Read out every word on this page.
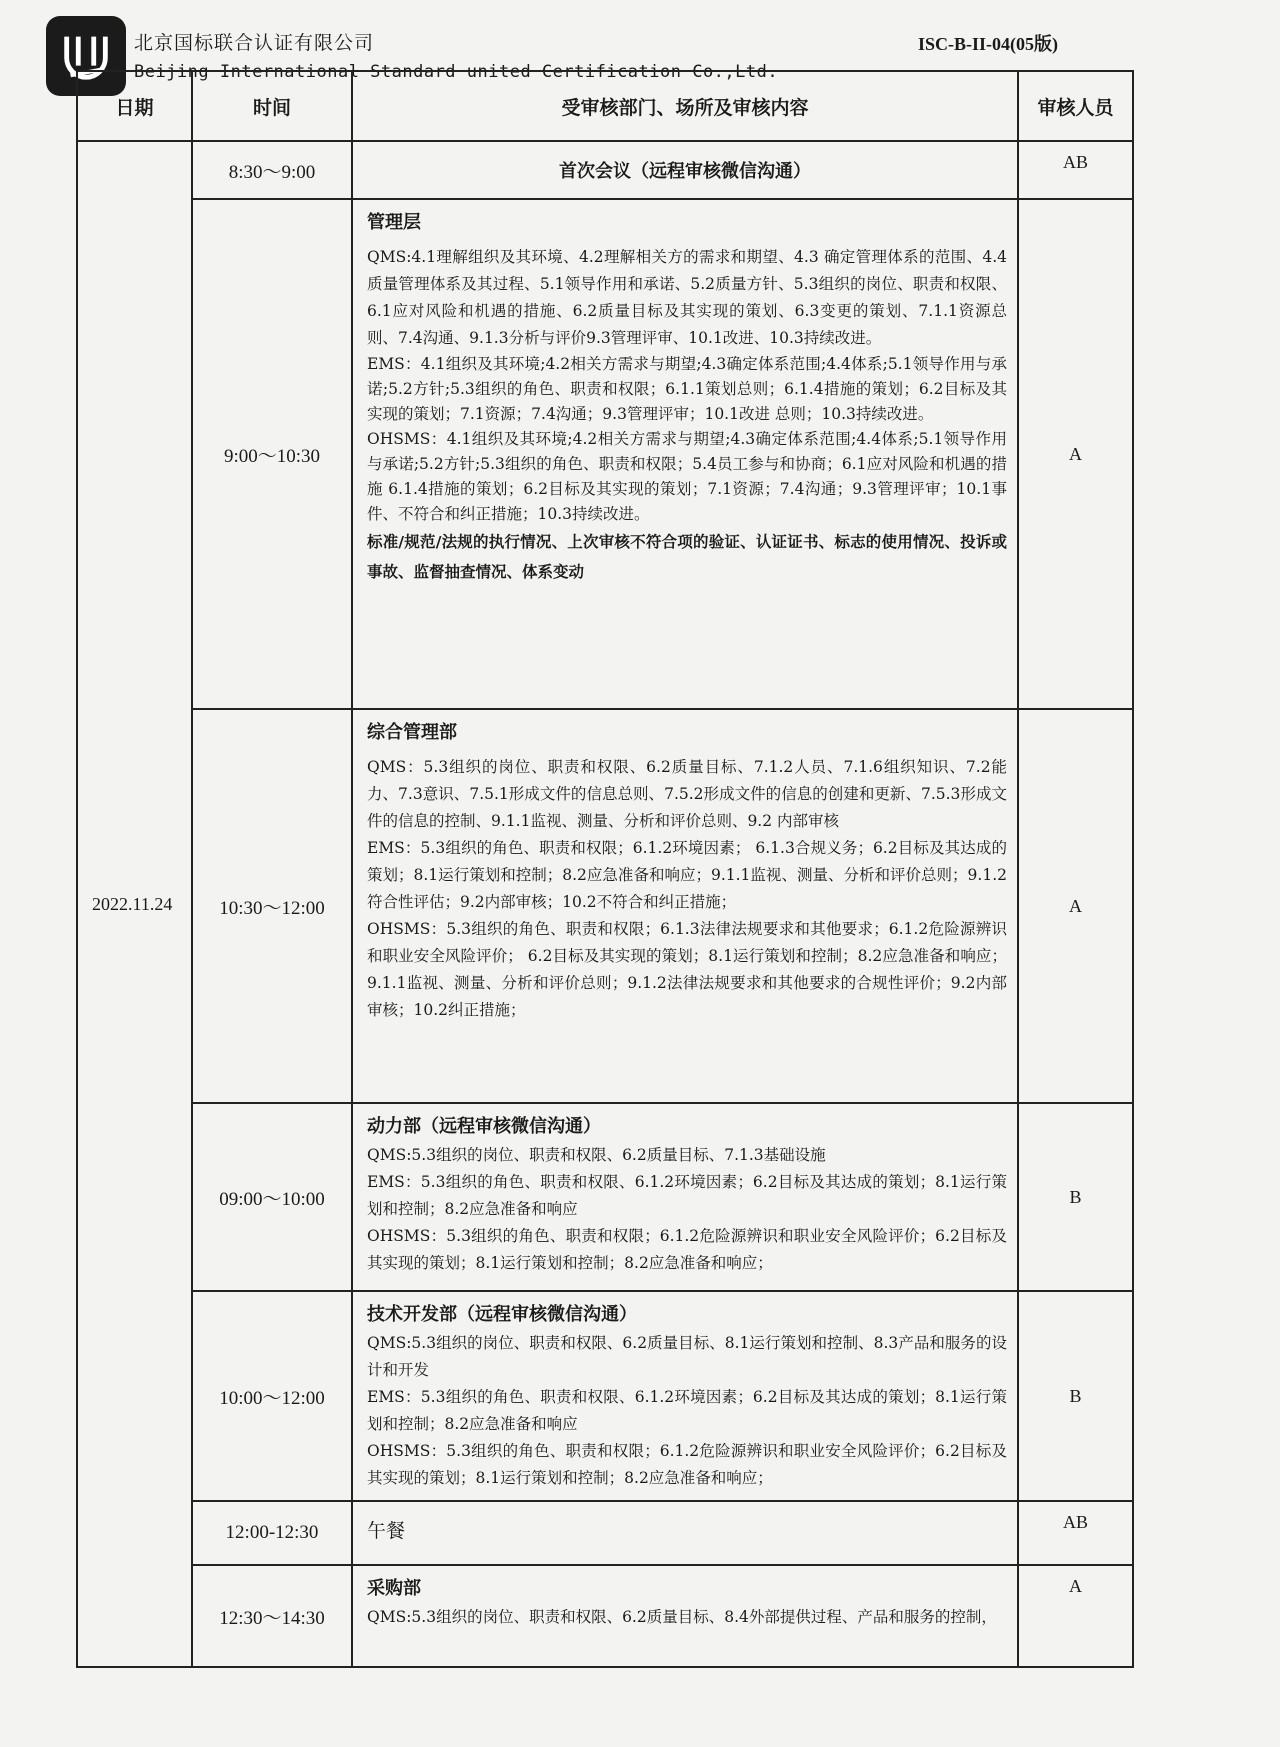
北京国标联合认证有限公司
Beijing International Standard united Certification Co.,Ltd.
ISC-B-II-04(05版)
日期	时间	受审核部门、场所及审核内容	审核人员
2022.11.24	8:30～9:00	首次会议（远程审核微信沟通）	AB
	9:00～10:30	管理层
QMS:4.1理解组织及其环境、4.2理解相关方的需求和期望、4.3 确定管理体系的范围、4.4质量管理体系及其过程、5.1领导作用和承诺、5.2质量方针、5.3组织的岗位、职责和权限、6.1应对风险和机遇的措施、6.2质量目标及其实现的策划、6.3变更的策划、7.1.1资源总则、7.4沟通、9.1.3分析与评价9.3管理评审、10.1改进、10.3持续改进。
EMS：4.1组织及其环境;4.2相关方需求与期望;4.3确定体系范围;4.4体系;5.1领导作用与承诺;5.2方针;5.3组织的角色、职责和权限；6.1.1策划总则；6.1.4措施的策划；6.2目标及其实现的策划；7.1资源；7.4沟通；9.3管理评审；10.1改进 总则；10.3持续改进。
OHSMS：4.1组织及其环境;4.2相关方需求与期望;4.3确定体系范围;4.4体系;5.1领导作用与承诺;5.2方针;5.3组织的角色、职责和权限；5.4员工参与和协商；6.1应对风险和机遇的措施 6.1.4措施的策划；6.2目标及其实现的策划；7.1资源；7.4沟通；9.3管理评审；10.1事件、不符合和纠正措施；10.3持续改进。
标准/规范/法规的执行情况、上次审核不符合项的验证、认证证书、标志的使用情况、投诉或事故、监督抽查情况、体系变动	A
	10:30～12:00	综合管理部
QMS：5.3组织的岗位、职责和权限、6.2质量目标、7.1.2人员、7.1.6组织知识、7.2能力、7.3意识、7.5.1形成文件的信息总则、7.5.2形成文件的信息的创建和更新、7.5.3形成文件的信息的控制、9.1.1监视、测量、分析和评价总则、9.2 内部审核
EMS：5.3组织的角色、职责和权限；6.1.2环境因素； 6.1.3合规义务；6.2目标及其达成的策划；8.1运行策划和控制；8.2应急准备和响应；9.1.1监视、测量、分析和评价总则；9.1.2符合性评估；9.2内部审核；10.2不符合和纠正措施；
OHSMS：5.3组织的角色、职责和权限；6.1.3法律法规要求和其他要求；6.1.2危险源辨识和职业安全风险评价； 6.2目标及其实现的策划；8.1运行策划和控制；8.2应急准备和响应；9.1.1监视、测量、分析和评价总则；9.1.2法律法规要求和其他要求的合规性评价；9.2内部审核；10.2纠正措施；	A
	09:00～10:00	动力部（远程审核微信沟通）
QMS:5.3组织的岗位、职责和权限、6.2质量目标、7.1.3基础设施
EMS：5.3组织的角色、职责和权限、6.1.2环境因素；6.2目标及其达成的策划；8.1运行策划和控制；8.2应急准备和响应
OHSMS：5.3组织的角色、职责和权限；6.1.2危险源辨识和职业安全风险评价；6.2目标及其实现的策划；8.1运行策划和控制；8.2应急准备和响应；	B
	10:00～12:00	技术开发部（远程审核微信沟通）
QMS:5.3组织的岗位、职责和权限、6.2质量目标、8.1运行策划和控制、8.3产品和服务的设计和开发
EMS：5.3组织的角色、职责和权限、6.1.2环境因素；6.2目标及其达成的策划；8.1运行策划和控制；8.2应急准备和响应
OHSMS：5.3组织的角色、职责和权限；6.1.2危险源辨识和职业安全风险评价；6.2目标及其实现的策划；8.1运行策划和控制；8.2应急准备和响应；	B
	12:00-12:30	午餐	AB
	12:30～14:30	采购部
QMS:5.3组织的岗位、职责和权限、6.2质量目标、8.4外部提供过程、产品和服务的控制，	A
